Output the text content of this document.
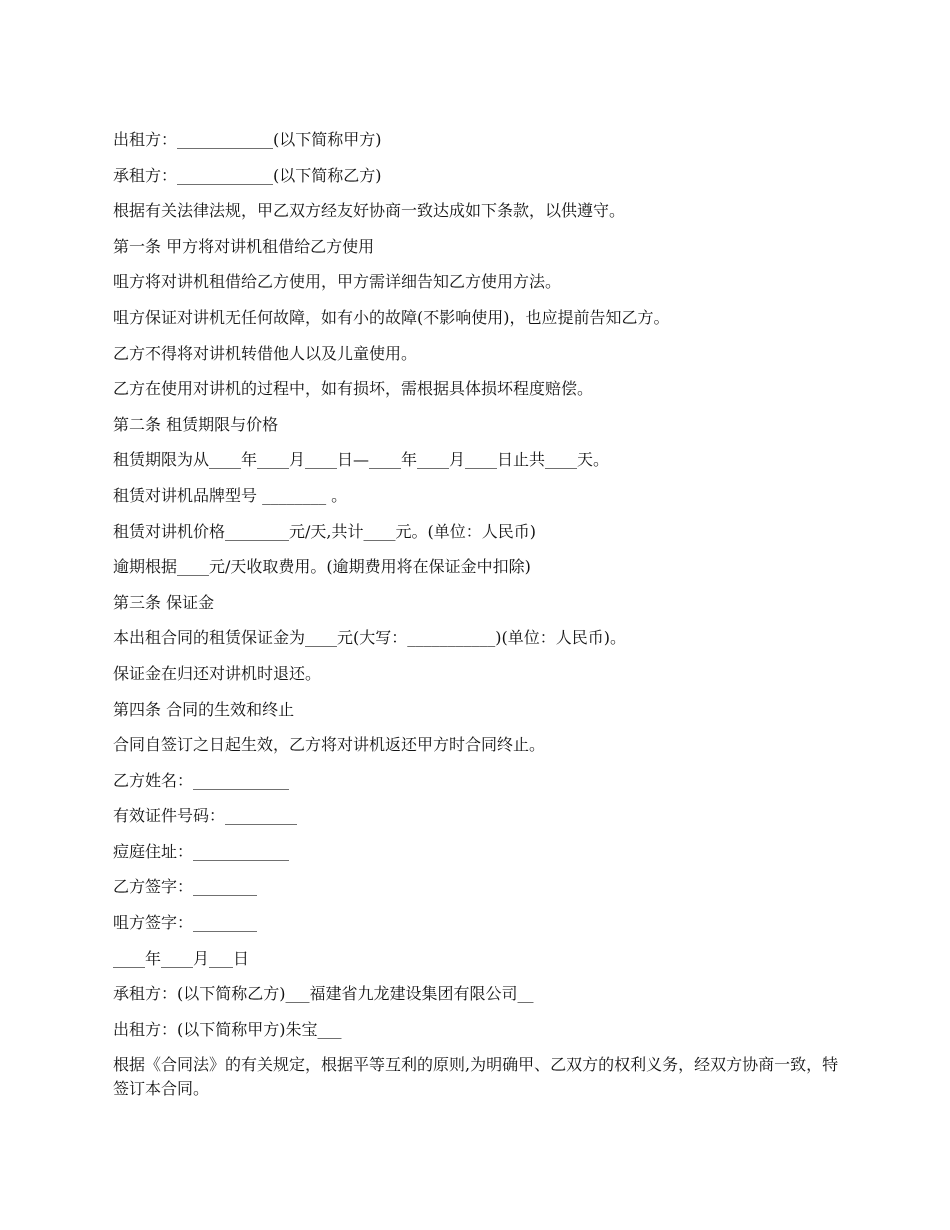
出租方：____________(以下简称甲方)
承租方：____________(以下简称乙方)
根据有关法律法规，甲乙双方经友好协商一致达成如下条款，以供遵守。
第一条 甲方将对讲机租借给乙方使用
咀方将对讲机租借给乙方使用，甲方需详细告知乙方使用方法。
咀方保证对讲机无任何故障，如有小的故障(不影响使用)，也应提前告知乙方。
乙方不得将对讲机转借他人以及儿童使用。
乙方在使用对讲机的过程中，如有损坏，需根据具体损坏程度赔偿。
第二条 租赁期限与价格
租赁期限为从____年____月____日—____年____月____日止共____天。
租赁对讲机品牌型号 ________ 。
租赁对讲机价格________元/天,共计____元。(单位：人民币)
逾期根据____元/天收取费用。(逾期费用将在保证金中扣除)
第三条 保证金
本出租合同的租赁保证金为____元(大写：___________)(单位：人民币)。
保证金在归还对讲机时退还。
第四条 合同的生效和终止
合同自签订之日起生效，乙方将对讲机返还甲方时合同终止。
乙方姓名：____________
有效证件号码：_________
痘庭住址：____________
乙方签字：________
咀方签字：________
____年____月___日
承租方：(以下简称乙方)___福建省九龙建设集团有限公司__
出租方：(以下简称甲方)朱宝___
根据《合同法》的有关规定，根据平等互利的原则,为明确甲、乙双方的权利义务，经双方协商一致，特签订本合同。
